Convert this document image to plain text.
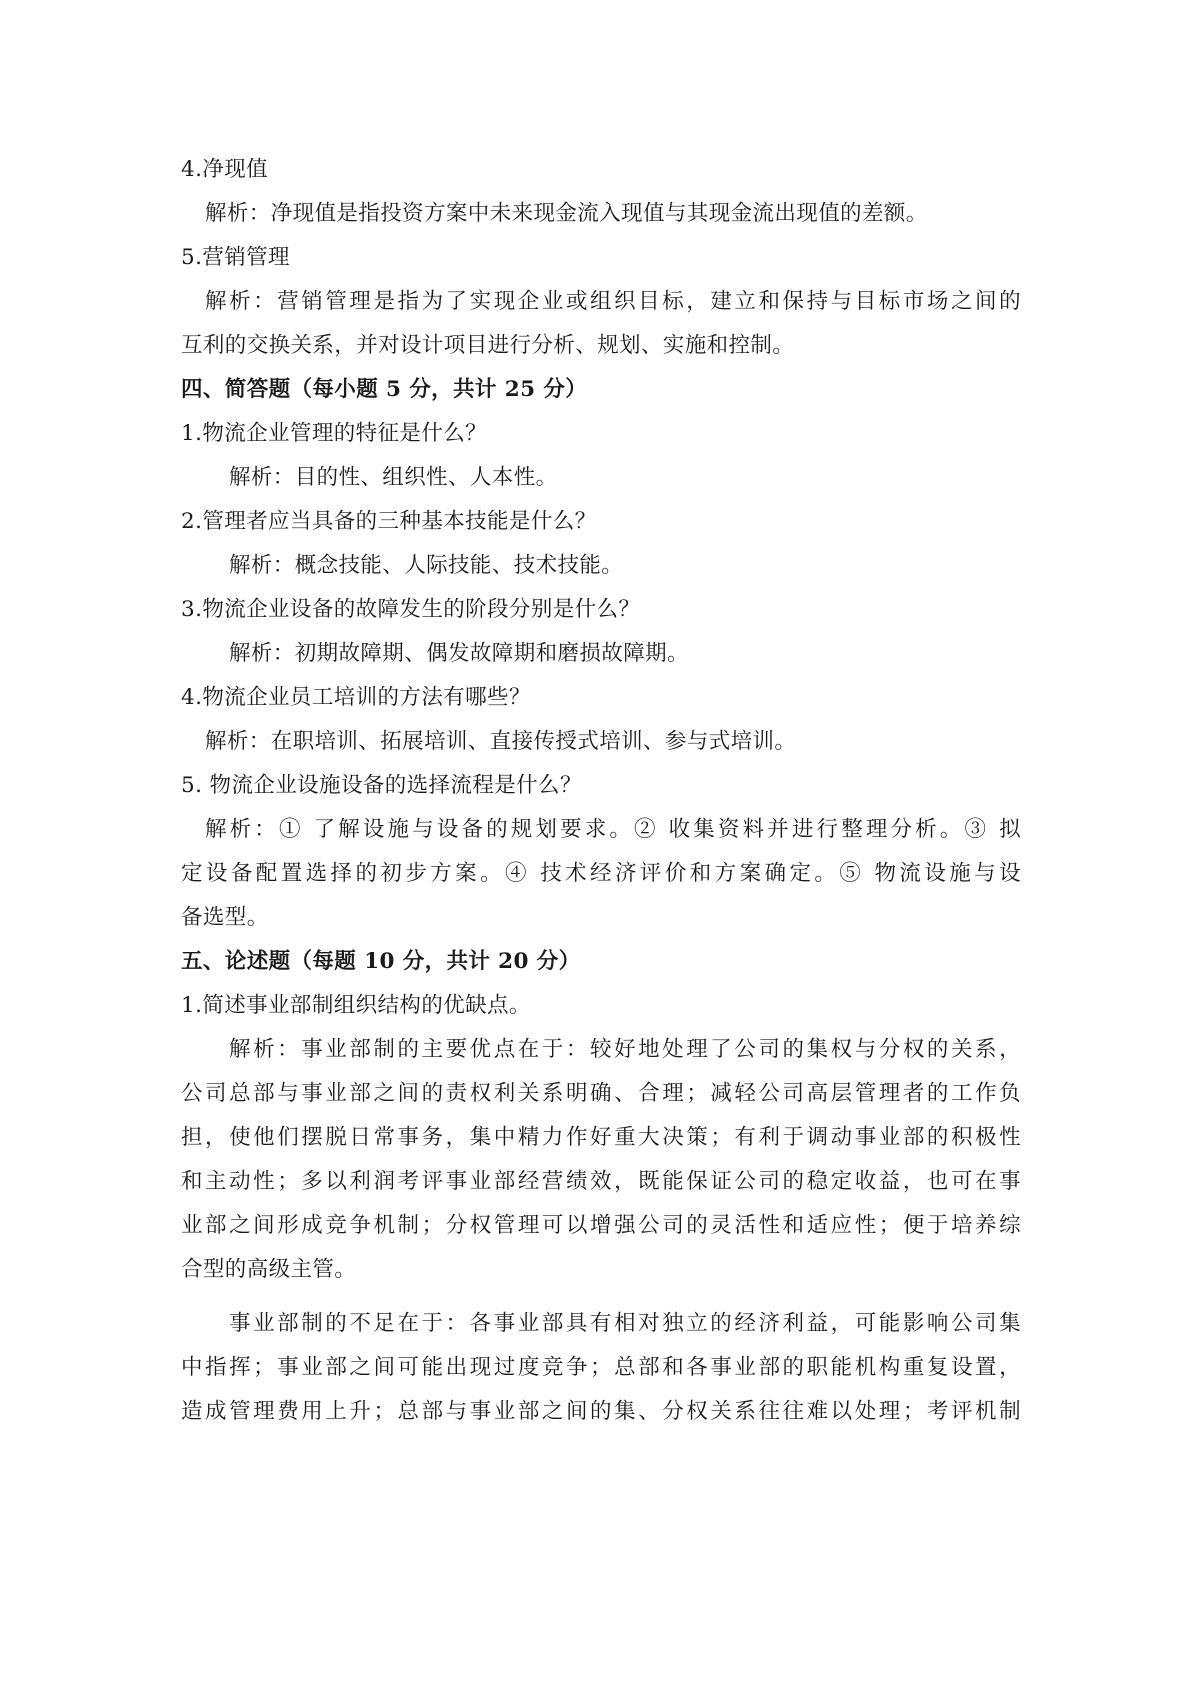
4.净现值
解析：净现值是指投资方案中未来现金流入现值与其现金流出现值的差额。
5.营销管理
解析：营销管理是指为了实现企业或组织目标，建立和保持与目标市场之间的
互利的交换关系，并对设计项目进行分析、规划、实施和控制。
四、简答题（每小题 5 分，共计 25 分）
1.物流企业管理的特征是什么？
解析：目的性、组织性、人本性。
2.管理者应当具备的三种基本技能是什么？
解析：概念技能、人际技能、技术技能。
3.物流企业设备的故障发生的阶段分别是什么？
解析：初期故障期、偶发故障期和磨损故障期。
4.物流企业员工培训的方法有哪些？
解析：在职培训、拓展培训、直接传授式培训、参与式培训。
5. 物流企业设施设备的选择流程是什么？
解析：① 了解设施与设备的规划要求。② 收集资料并进行整理分析。③ 拟
定设备配置选择的初步方案。④ 技术经济评价和方案确定。⑤ 物流设施与设
备选型。
五、论述题（每题 10 分，共计 20 分）
1.简述事业部制组织结构的优缺点。
解析：事业部制的主要优点在于：较好地处理了公司的集权与分权的关系，
公司总部与事业部之间的责权利关系明确、合理；减轻公司高层管理者的工作负
担，使他们摆脱日常事务，集中精力作好重大决策；有利于调动事业部的积极性
和主动性；多以利润考评事业部经营绩效，既能保证公司的稳定收益，也可在事
业部之间形成竞争机制；分权管理可以增强公司的灵活性和适应性；便于培养综
合型的高级主管。
事业部制的不足在于：各事业部具有相对独立的经济利益，可能影响公司集
中指挥；事业部之间可能出现过度竞争；总部和各事业部的职能机构重复设置，
造成管理费用上升；总部与事业部之间的集、分权关系往往难以处理；考评机制
